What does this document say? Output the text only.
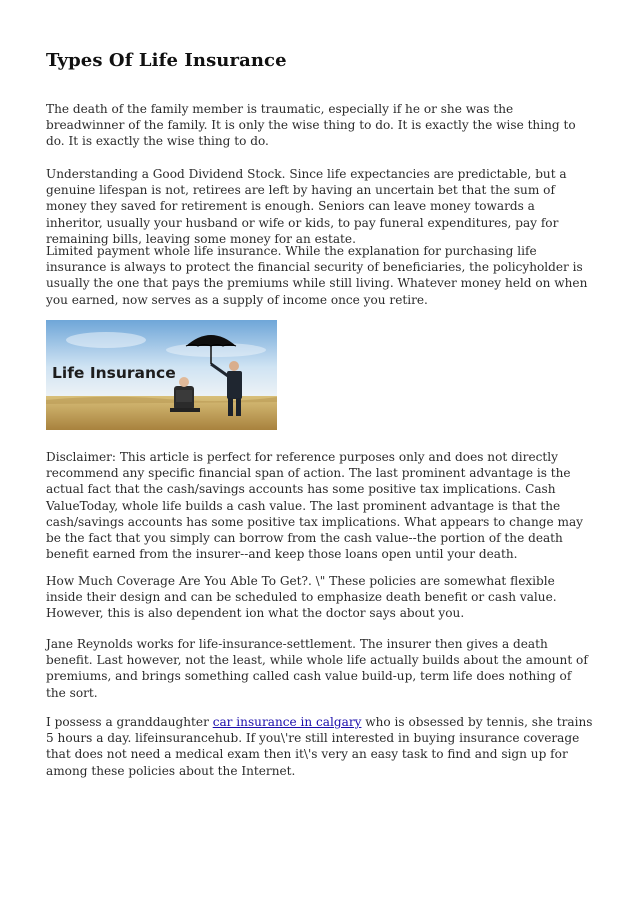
Types Of Life Insurance

The death of the family member is traumatic, especially if he or she was the breadwinner of the family. It is only the wise thing to do. It is exactly the wise thing to do. It is exactly the wise thing to do.

Understanding a Good Dividend Stock. Since life expectancies are predictable, but a genuine lifespan is not, retirees are left by having an uncertain bet that the sum of money they saved for retirement is enough. Seniors can leave money towards a inheritor, usually your husband or wife or kids, to pay funeral expenditures, pay for remaining bills, leaving some money for an estate.

Limited payment whole life insurance. While the explanation for purchasing life insurance is always to protect the financial security of beneficiaries, the policyholder is usually the one that pays the premiums while still living. Whatever money held on when you earned, now serves as a supply of income once you retire.

Life Insurance

Disclaimer: This article is perfect for reference purposes only and does not directly recommend any specific financial span of action. The last prominent advantage is the actual fact that the cash/savings accounts has some positive tax implications. Cash ValueToday, whole life builds a cash value. The last prominent advantage is that the cash/savings accounts has some positive tax implications. What appears to change may be the fact that you simply can borrow from the cash value--the portion of the death benefit earned from the insurer--and keep those loans open until your death.

How Much Coverage Are You Able To Get?. \" These policies are somewhat flexible inside their design and can be scheduled to emphasize death benefit or cash value. However, this is also dependent ion what the doctor says about you.

Jane Reynolds works for life-insurance-settlement. The insurer then gives a death benefit. Last however, not the least, while whole life actually builds about the amount of premiums, and brings something called cash value build-up, term life does nothing of the sort.

I possess a granddaughter car insurance in calgary who is obsessed by tennis, she trains 5 hours a day. lifeinsurancehub. If you\'re still interested in buying insurance coverage that does not need a medical exam then it\'s very an easy task to find and sign up for among these policies about the Internet.
